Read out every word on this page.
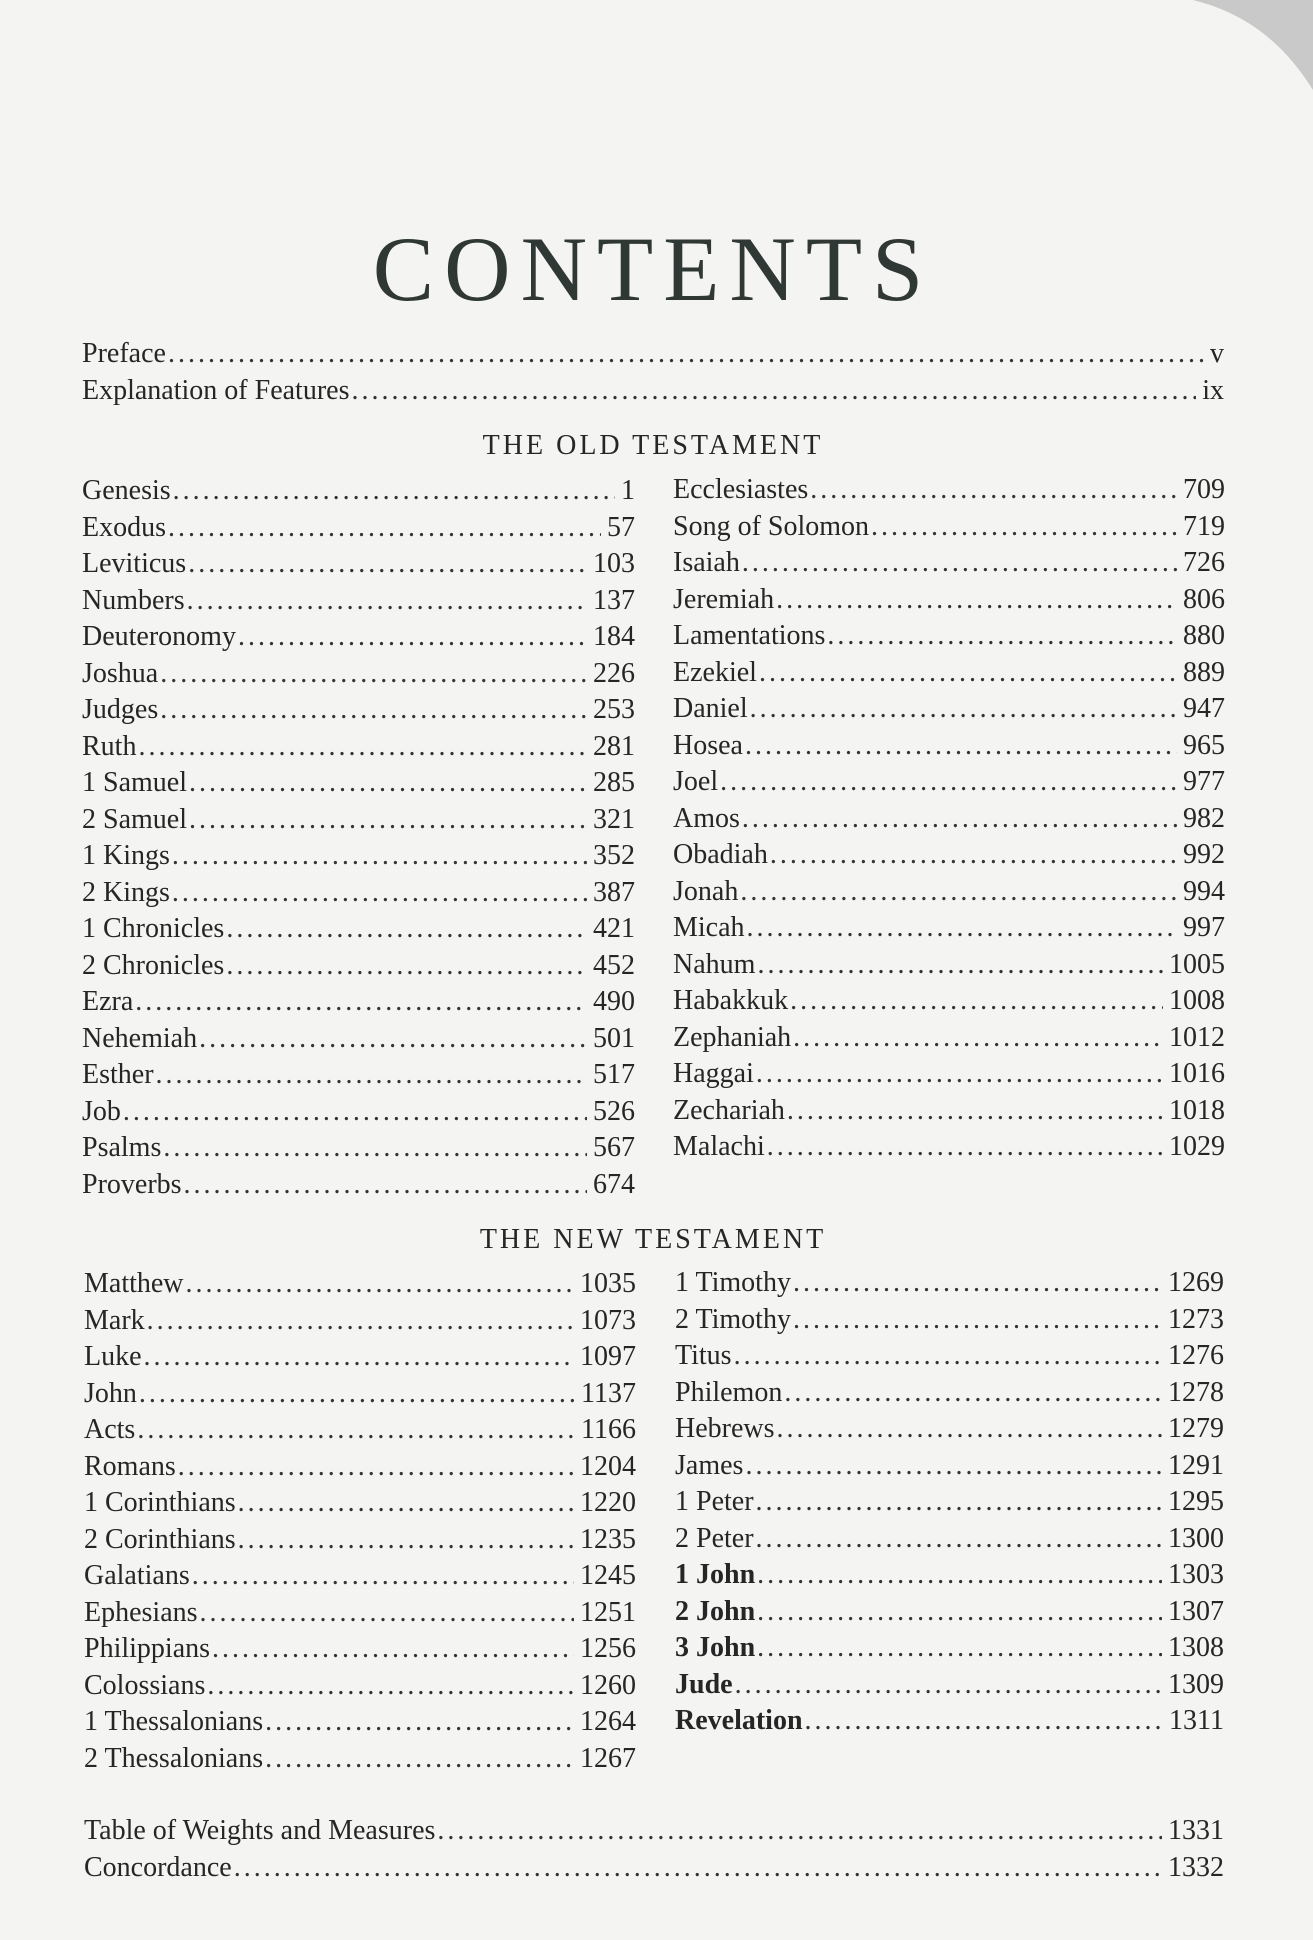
CONTENTS
Preface .....	v
Explanation of Features .....	ix
THE OLD TESTAMENT
Genesis .....	1
Exodus .....	57
Leviticus .....	103
Numbers .....	137
Deuteronomy .....	184
Joshua .....	226
Judges .....	253
Ruth .....	281
1 Samuel .....	285
2 Samuel .....	321
1 Kings .....	352
2 Kings .....	387
1 Chronicles .....	421
2 Chronicles .....	452
Ezra .....	490
Nehemiah .....	501
Esther .....	517
Job .....	526
Psalms .....	567
Proverbs .....	674
Ecclesiastes .....	709
Song of Solomon .....	719
Isaiah .....	726
Jeremiah .....	806
Lamentations .....	880
Ezekiel .....	889
Daniel .....	947
Hosea .....	965
Joel .....	977
Amos .....	982
Obadiah .....	992
Jonah .....	994
Micah .....	997
Nahum .....	1005
Habakkuk .....	1008
Zephaniah .....	1012
Haggai .....	1016
Zechariah .....	1018
Malachi .....	1029
THE NEW TESTAMENT
Matthew .....	1035
Mark .....	1073
Luke .....	1097
John .....	1137
Acts .....	1166
Romans .....	1204
1 Corinthians .....	1220
2 Corinthians .....	1235
Galatians .....	1245
Ephesians .....	1251
Philippians .....	1256
Colossians .....	1260
1 Thessalonians .....	1264
2 Thessalonians .....	1267
1 Timothy .....	1269
2 Timothy .....	1273
Titus .....	1276
Philemon .....	1278
Hebrews .....	1279
James .....	1291
1 Peter .....	1295
2 Peter .....	1300
1 John .....	1303
2 John .....	1307
3 John .....	1308
Jude .....	1309
Revelation .....	1311
Table of Weights and Measures .....	1331
Concordance .....	1332
